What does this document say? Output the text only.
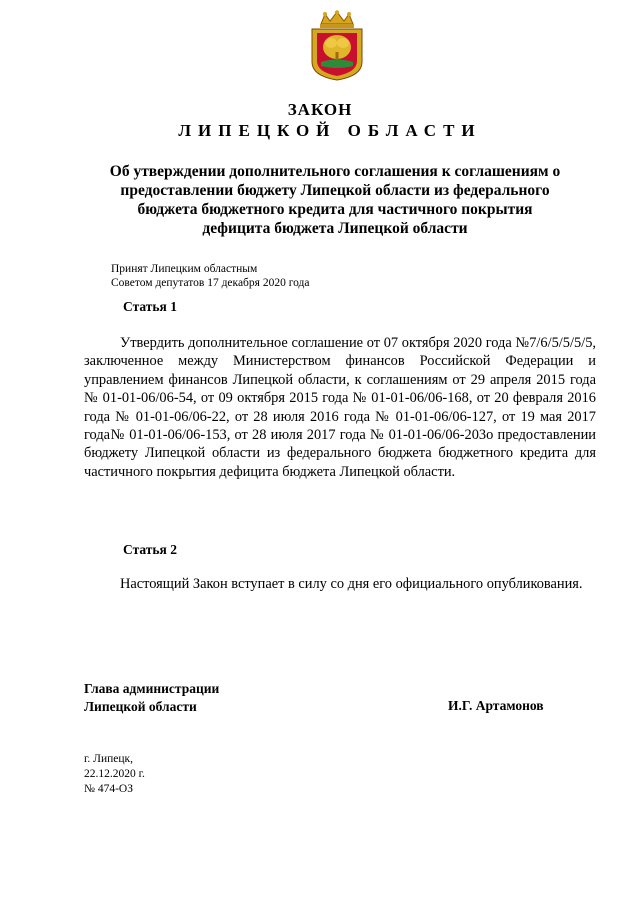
ЗАКОН
ЛИПЕЦКОЙ ОБЛАСТИ
Об утверждении дополнительного соглашения к соглашениям о
предоставлении бюджету Липецкой области из федерального
бюджета бюджетного кредита для частичного покрытия
дефицита бюджета Липецкой области
Принят Липецким областным
Советом депутатов 17 декабря 2020 года
Статья 1
Утвердить дополнительное соглашение от 07 октября 2020 года №7/6/5/5/5/5, заключенное между Министерством финансов Российской Федерации и управлением финансов Липецкой области, к соглашениям от 29 апреля 2015 года № 01-01-06/06-54, от 09 октября 2015 года № 01-01-06/06-168, от 20 февраля 2016 года № 01-01-06/06-22, от 28 июля 2016 года № 01-01-06/06-127, от 19 мая 2017 года№ 01-01-06/06-153, от 28 июля 2017 года № 01-01-06/06-203о предоставлении бюджету Липецкой области из федерального бюджета бюджетного кредита для частичного покрытия дефицита бюджета Липецкой области.
Статья 2
Настоящий Закон вступает в силу со дня его официального опубликования.
Глава администрации
Липецкой области	И.Г. Артамонов
г. Липецк,
22.12.2020 г.
№ 474-ОЗ
